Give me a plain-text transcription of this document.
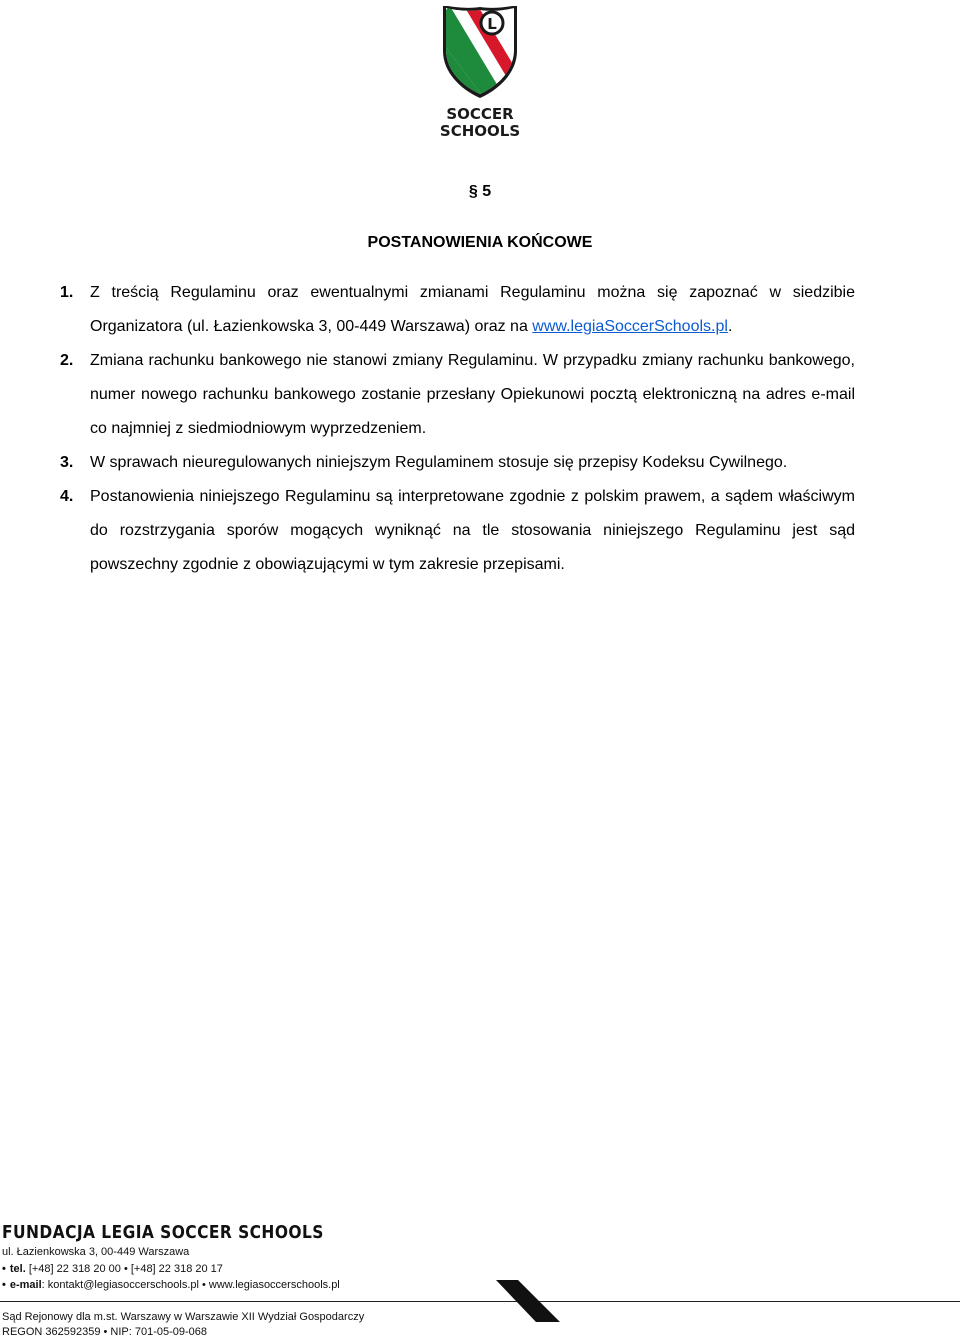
L
SOCCER
SCHOOLS
§ 5
POSTANOWIENIA KOŃCOWE
1. Z treścią Regulaminu oraz ewentualnymi zmianami Regulaminu można się zapoznać w siedzibie Organizatora (ul. Łazienkowska 3, 00-449 Warszawa) oraz na www.legiaSoccerSchools.pl.
2. Zmiana rachunku bankowego nie stanowi zmiany Regulaminu. W przypadku zmiany rachunku bankowego, numer nowego rachunku bankowego zostanie przesłany Opiekunowi pocztą elektroniczną na adres e-mail co najmniej z siedmiodniowym wyprzedzeniem.
3. W sprawach nieuregulowanych niniejszym Regulaminem stosuje się przepisy Kodeksu Cywilnego.
4. Postanowienia niniejszego Regulaminu są interpretowane zgodnie z polskim prawem, a sądem właściwym do rozstrzygania sporów mogących wyniknąć na tle stosowania niniejszego Regulaminu jest sąd powszechny zgodnie z obowiązującymi w tym zakresie przepisami.
FUNDACJA LEGIA SOCCER SCHOOLS
ul. Łazienkowska 3, 00-449 Warszawa
• tel. [+48] 22 318 20 00 • [+48] 22 318 20 17
• e-mail: kontakt@legiasoccerschools.pl • www.legiasoccerschools.pl
Sąd Rejonowy dla m.st. Warszawy w Warszawie XII Wydział Gospodarczy
REGON 362592359 • NIP: 701-05-09-068
